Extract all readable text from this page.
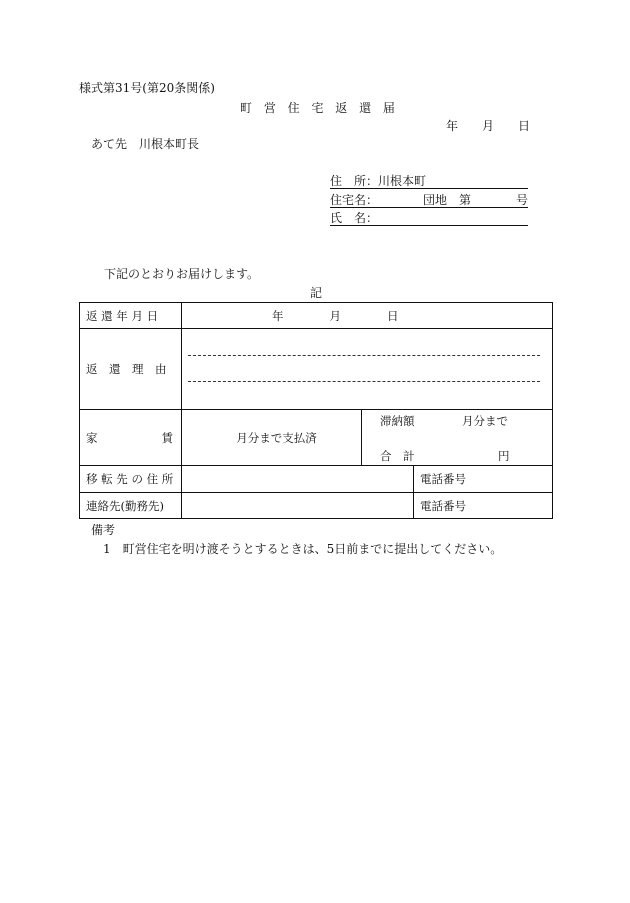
様式第31号(第20条関係)
町 営 住 宅 返 還 届
年　　月　　日
あて先　川根本町長
住　所：川根本町
住宅名：	団地　第	号
氏　名：
下記のとおりお届けします。
記
返 還 年 月 日	年　　　　月　　　　日		
返　還　理　由			

家 賃	月分まで支払済	滞納額 月分まで
合　計 円	

移 転 先 の 住 所			電話番号
連絡先(勤務先)			電話番号
備考
1　町営住宅を明け渡そうとするときは、5日前までに提出してください。
